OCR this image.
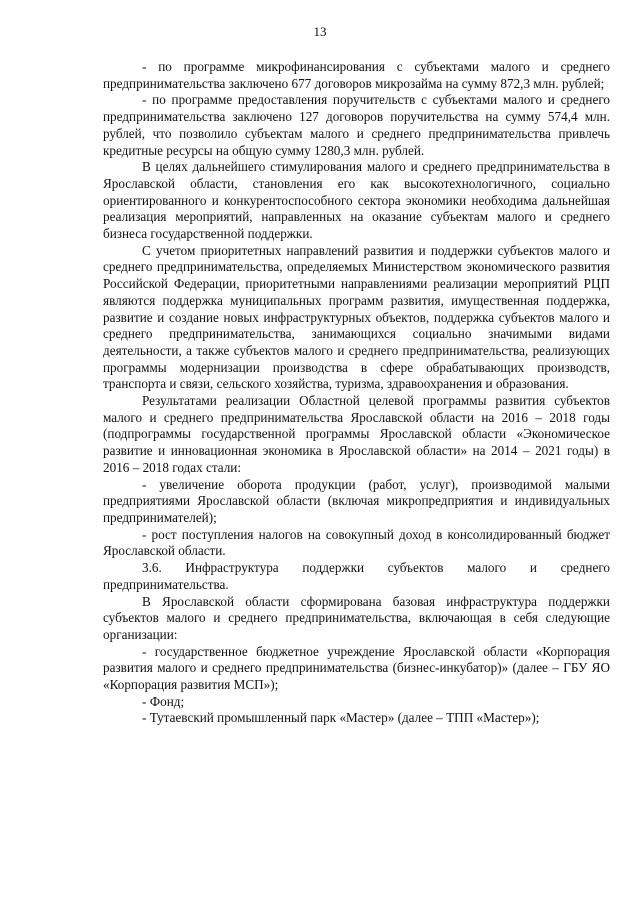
13

- по программе микрофинансирования с субъектами малого и среднего предпринимательства заключено 677 договоров микрозайма на сумму 872,3 млн. рублей;

- по программе предоставления поручительств с субъектами малого и среднего предпринимательства заключено 127 договоров поручительства на сумму 574,4 млн. рублей, что позволило субъектам малого и среднего предпринимательства привлечь кредитные ресурсы на общую сумму 1280,3 млн. рублей.

В целях дальнейшего стимулирования малого и среднего предпринимательства в Ярославской области, становления его как высокотехнологичного, социально ориентированного и конкурентоспособного сектора экономики необходима дальнейшая реализация мероприятий, направленных на оказание субъектам малого и среднего бизнеса государственной поддержки.

С учетом приоритетных направлений развития и поддержки субъектов малого и среднего предпринимательства, определяемых Министерством экономического развития Российской Федерации, приоритетными направлениями реализации мероприятий РЦП являются поддержка муниципальных программ развития, имущественная поддержка, развитие и создание новых инфраструктурных объектов, поддержка субъектов малого и среднего предпринимательства, занимающихся социально значимыми видами деятельности, а также субъектов малого и среднего предпринимательства, реализующих программы модернизации производства в сфере обрабатывающих производств, транспорта и связи, сельского хозяйства, туризма, здравоохранения и образования.

Результатами реализации Областной целевой программы развития субъектов малого и среднего предпринимательства Ярославской области на 2016 – 2018 годы (подпрограммы государственной программы Ярославской области «Экономическое развитие и инновационная экономика в Ярославской области» на 2014 – 2021 годы) в 2016 – 2018 годах стали:

- увеличение оборота продукции (работ, услуг), производимой малыми предприятиями Ярославской области (включая микропредприятия и индивидуальных предпринимателей);

- рост поступления налогов на совокупный доход в консолидированный бюджет Ярославской области.

3.6. Инфраструктура поддержки субъектов малого и среднего предпринимательства.

В Ярославской области сформирована базовая инфраструктура поддержки субъектов малого и среднего предпринимательства, включающая в себя следующие организации:

- государственное бюджетное учреждение Ярославской области «Корпорация развития малого и среднего предпринимательства (бизнес-инкубатор)» (далее – ГБУ ЯО «Корпорация развития МСП»);

- Фонд;

- Тутаевский промышленный парк «Мастер» (далее – ТПП «Мастер»);
